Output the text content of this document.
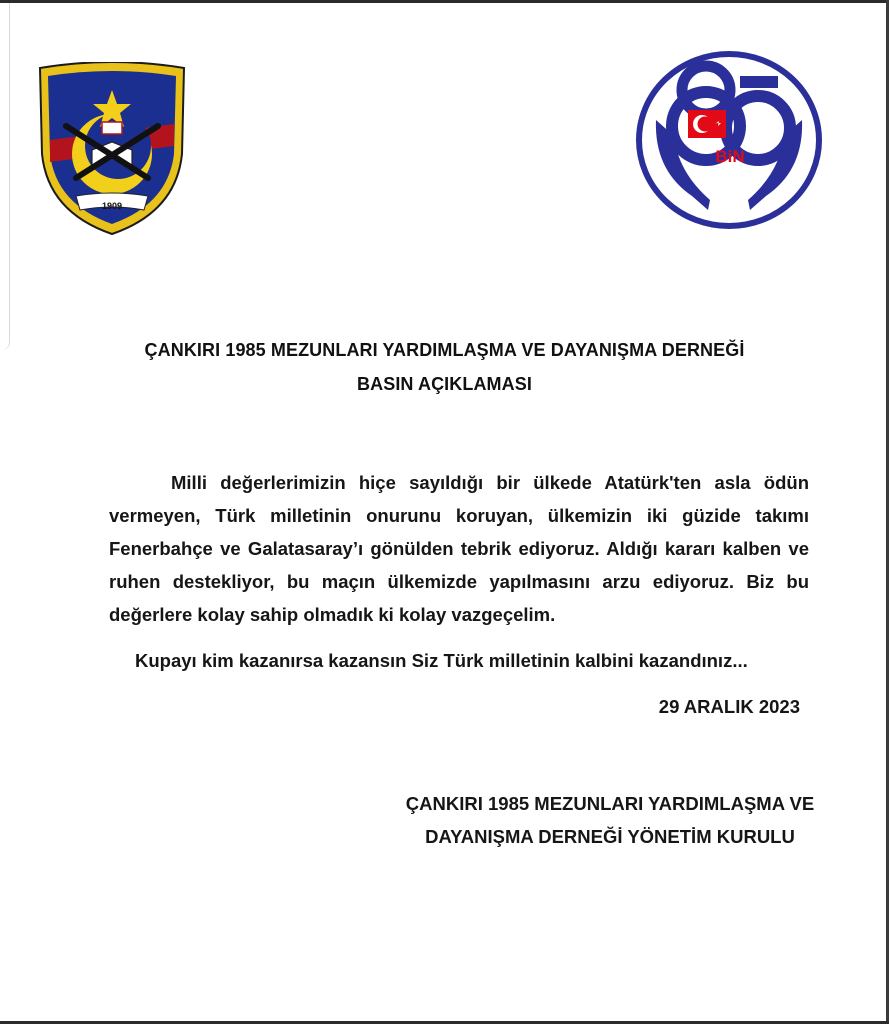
1909
BiN
ÇANKIRI 1985 MEZUNLARI YARDIMLAŞMA VE DAYANIŞMA DERNEĞİ
BASIN AÇIKLAMASI
Milli değerlerimizin hiçe sayıldığı bir ülkede Atatürk'ten asla ödün vermeyen, Türk milletinin onurunu koruyan, ülkemizin iki güzide takımı Fenerbahçe ve Galatasaray’ı gönülden tebrik ediyoruz. Aldığı kararı kalben ve ruhen destekliyor, bu maçın ülkemizde yapılmasını arzu ediyoruz. Biz bu değerlere kolay sahip olmadık ki kolay vazgeçelim.
Kupayı kim kazanırsa kazansın Siz Türk milletinin kalbini kazandınız...
29 ARALIK 2023
ÇANKIRI 1985 MEZUNLARI YARDIMLAŞMA VE
DAYANIŞMA DERNEĞİ YÖNETİM KURULU
